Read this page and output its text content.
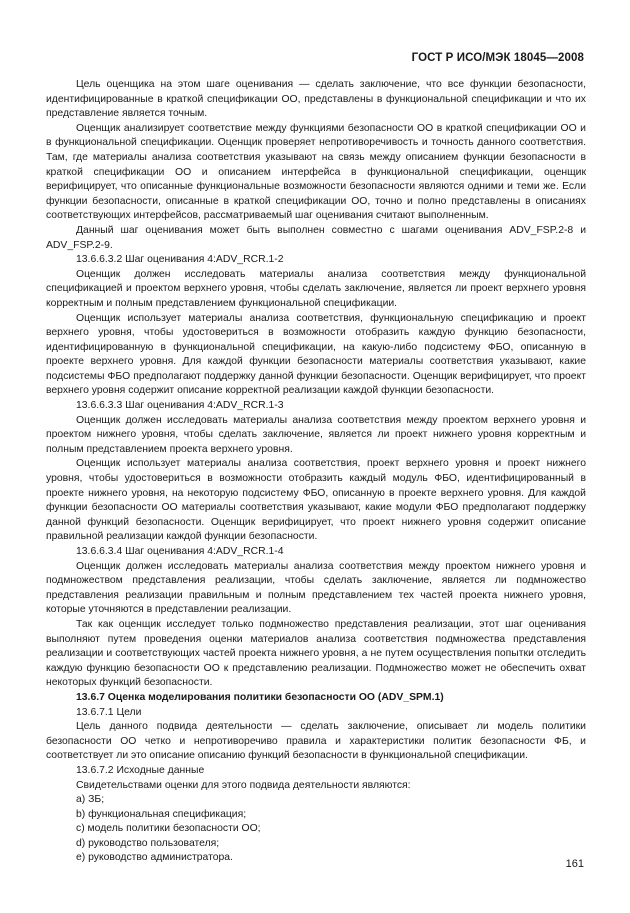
ГОСТ Р ИСО/МЭК 18045—2008

Цель оценщика на этом шаге оценивания — сделать заключение, что все функции безопасности, идентифицированные в краткой спецификации ОО, представлены в функциональной спецификации и что их представление является точным.

Оценщик анализирует соответствие между функциями безопасности ОО в краткой спецификации ОО и в функциональной спецификации. Оценщик проверяет непротиворечивость и точность данного соответствия. Там, где материалы анализа соответствия указывают на связь между описанием функции безопасности в краткой спецификации ОО и описанием интерфейса в функциональной спецификации, оценщик верифицирует, что описанные функциональные возможности безопасности являются одними и теми же. Если функции безопасности, описанные в краткой спецификации ОО, точно и полно представлены в описаниях соответствующих интерфейсов, рассматриваемый шаг оценивания считают выполненным.

Данный шаг оценивания может быть выполнен совместно с шагами оценивания ADV_FSP.2-8 и ADV_FSP.2-9.

13.6.6.3.2 Шаг оценивания 4:ADV_RCR.1-2

Оценщик должен исследовать материалы анализа соответствия между функциональной спецификацией и проектом верхнего уровня, чтобы сделать заключение, является ли проект верхнего уровня корректным и полным представлением функциональной спецификации.

Оценщик использует материалы анализа соответствия, функциональную спецификацию и проект верхнего уровня, чтобы удостовериться в возможности отобразить каждую функцию безопасности, идентифицированную в функциональной спецификации, на какую-либо подсистему ФБО, описанную в проекте верхнего уровня. Для каждой функции безопасности материалы соответствия указывают, какие подсистемы ФБО предполагают поддержку данной функции безопасности. Оценщик верифицирует, что проект верхнего уровня содержит описание корректной реализации каждой функции безопасности.

13.6.6.3.3 Шаг оценивания 4:ADV_RCR.1-3

Оценщик должен исследовать материалы анализа соответствия между проектом верхнего уровня и проектом нижнего уровня, чтобы сделать заключение, является ли проект нижнего уровня корректным и полным представлением проекта верхнего уровня.

Оценщик использует материалы анализа соответствия, проект верхнего уровня и проект нижнего уровня, чтобы удостовериться в возможности отобразить каждый модуль ФБО, идентифицированный в проекте нижнего уровня, на некоторую подсистему ФБО, описанную в проекте верхнего уровня. Для каждой функции безопасности ОО материалы соответствия указывают, какие модули ФБО предполагают поддержку данной функций безопасности. Оценщик верифицирует, что проект нижнего уровня содержит описание правильной реализации каждой функции безопасности.

13.6.6.3.4 Шаг оценивания 4:ADV_RCR.1-4

Оценщик должен исследовать материалы анализа соответствия между проектом нижнего уровня и подмножеством представления реализации, чтобы сделать заключение, является ли подмножество представления реализации правильным и полным представлением тех частей проекта нижнего уровня, которые уточняются в представлении реализации.

Так как оценщик исследует только подмножество представления реализации, этот шаг оценивания выполняют путем проведения оценки материалов анализа соответствия подмножества представления реализации и соответствующих частей проекта нижнего уровня, а не путем осуществления попытки отследить каждую функцию безопасности ОО к представлению реализации. Подмножество может не обеспечить охват некоторых функций безопасности.

13.6.7 Оценка моделирования политики безопасности ОО (ADV_SPM.1)

13.6.7.1 Цели

Цель данного подвида деятельности — сделать заключение, описывает ли модель политики безопасности ОО четко и непротиворечиво правила и характеристики политик безопасности ФБ, и соответствует ли это описание описанию функций безопасности в функциональной спецификации.

13.6.7.2 Исходные данные

Свидетельствами оценки для этого подвида деятельности являются:

a) ЗБ;

b) функциональная спецификация;

c) модель политики безопасности ОО;

d) руководство пользователя;

e) руководство администратора.

161
